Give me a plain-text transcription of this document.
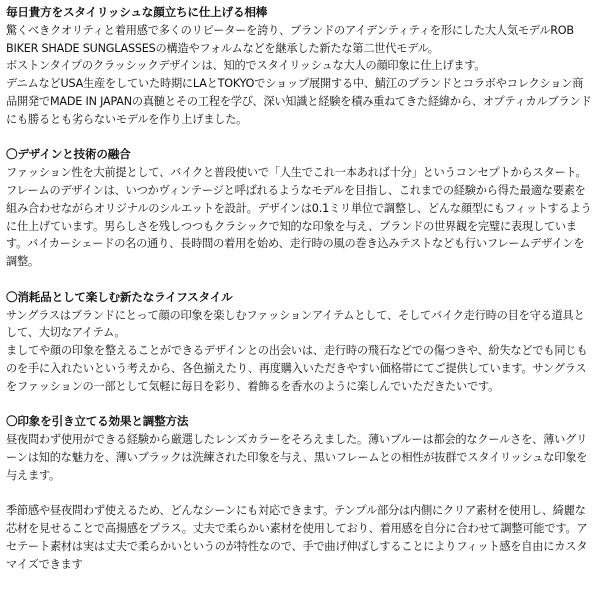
毎日貴方をスタイリッシュな顔立ちに仕上げる相棒

驚くべきクオリティと着用感で多くのリピーターを誇り、ブランドのアイデンティティを形にした大人気モデルROB BIKER SHADE SUNGLASSESの構造やフォルムなどを継承した新たな第二世代モデル。

ボストンタイプのクラッシックデザインは、知的でスタイリッシュな大人の顔印象に仕上げます。

デニムなどUSA生産をしていた時期にLAとTOKYOでショップ展開する中、鯖江のブランドとコラボやコレクション商品開発でMADE IN JAPANの真髄とその工程を学び、深い知識と経験を積み重ねてきた経緯から、オプティカルブランドにも勝るとも劣らないモデルを作り上げました。

〇デザインと技術の融合

ファッション性を大前提として、バイクと普段使いで「人生でこれ一本あれば十分」というコンセプトからスタート。フレームのデザインは、いつかヴィンテージと呼ばれるようなモデルを目指し、これまでの経験から得た最適な要素を組み合わせながらオリジナルのシルエットを設計。デザインは0.1ミリ単位で調整し、どんな顔型にもフィットするように仕上げています。男らしさを残しつつもクラシックで知的な印象を与え、ブランドの世界観を完璧に表現しています。バイカーシェードの名の通り、長時間の着用を始め、走行時の風の巻き込みテストなども行いフレームデザインを調整。

〇消耗品として楽しむ新たなライフスタイル

サングラスはブランドにとって顔の印象を楽しむファッションアイテムとして、そしてバイク走行時の目を守る道具として、大切なアイテム。

ましてや顔の印象を整えることができるデザインとの出会いは、走行時の飛石などでの傷つきや、紛失などでも同じものを手に入れたいという考えから、各色揃えたり、再度購入いただきやすい価格帯にてご提供しています。サングラスをファッションの一部として気軽に毎日を彩り、着飾るを香水のように楽しんでいただきたいです。

〇印象を引き立てる効果と調整方法

昼夜問わず使用ができる経験から厳選したレンズカラーをそろえました。薄いブルーは都会的なクールさを、薄いグリーンは知的な魅力を、薄いブラックは洗練された印象を与え、黒いフレームとの相性が抜群でスタイリッシュな印象を与えます。

季節感や昼夜問わず使えるため、どんなシーンにも対応できます。テンプル部分は内側にクリア素材を使用し、綺麗な芯材を見せることで高揚感をプラス。丈夫で柔らかい素材を使用しており、着用感を自分に合わせて調整可能です。アセテート素材は実は丈夫で柔らかいというのが特性なので、手で曲げ伸ばしすることによりフィット感を自由にカスタマイズできます
